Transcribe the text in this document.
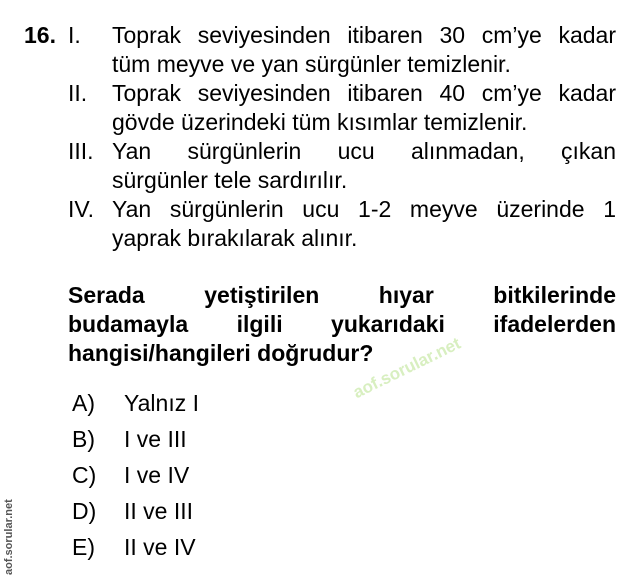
16. I. Toprak seviyesinden itibaren 30 cm’ye kadar
tüm meyve ve yan sürgünler temizlenir.
II. Toprak seviyesinden itibaren 40 cm’ye kadar
gövde üzerindeki tüm kısımlar temizlenir.
III. Yan sürgünlerin ucu alınmadan, çıkan
sürgünler tele sardırılır.
IV. Yan sürgünlerin ucu 1-2 meyve üzerinde 1
yaprak bırakılarak alınır.
Serada yetiştirilen hıyar bitkilerinde
budamayla ilgili yukarıdaki ifadelerden
hangisi/hangileri doğrudur?
aof.sorular.net
A) Yalnız I
B) I ve III
C) I ve IV
D) II ve III
E) II ve IV
aof.sorular.net
